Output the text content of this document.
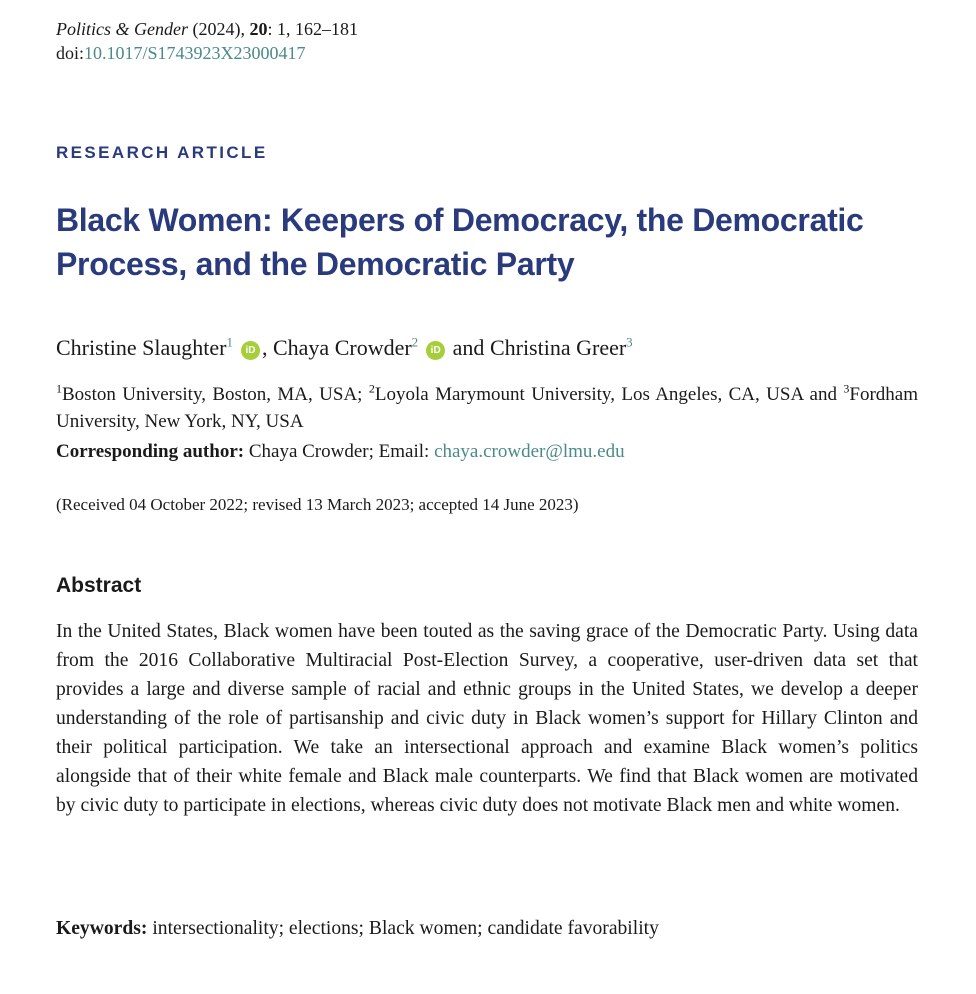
Politics & Gender (2024), 20: 1, 162–181
doi:10.1017/S1743923X23000417
RESEARCH ARTICLE
Black Women: Keepers of Democracy, the Democratic Process, and the Democratic Party
Christine Slaughter$^1$iD , Chaya Crowder$^2$iD and Christina Greer$^3$
$^1$Boston University, Boston, MA, USA; $^2$Loyola Marymount University, Los Angeles, CA, USA and $^3$Fordham University, New York, NY, USA
Corresponding author: Chaya Crowder; Email: chaya.crowder@lmu.edu
(Received 04 October 2022; revised 13 March 2023; accepted 14 June 2023)
Abstract

In the United States, Black women have been touted as the saving grace of the Democratic Party. Using data from the 2016 Collaborative Multiracial Post-Election Survey, a cooperative, user-driven data set that provides a large and diverse sample of racial and ethnic groups in the United States, we develop a deeper understanding of the role of partisanship and civic duty in Black women’s support for Hillary Clinton and their political participation. We take an intersectional approach and examine Black women’s politics alongside that of their white female and Black male counterparts. We find that Black women are motivated by civic duty to participate in elections, whereas civic duty does not motivate Black men and white women.

Keywords: intersectionality; elections; Black women; candidate favorability
